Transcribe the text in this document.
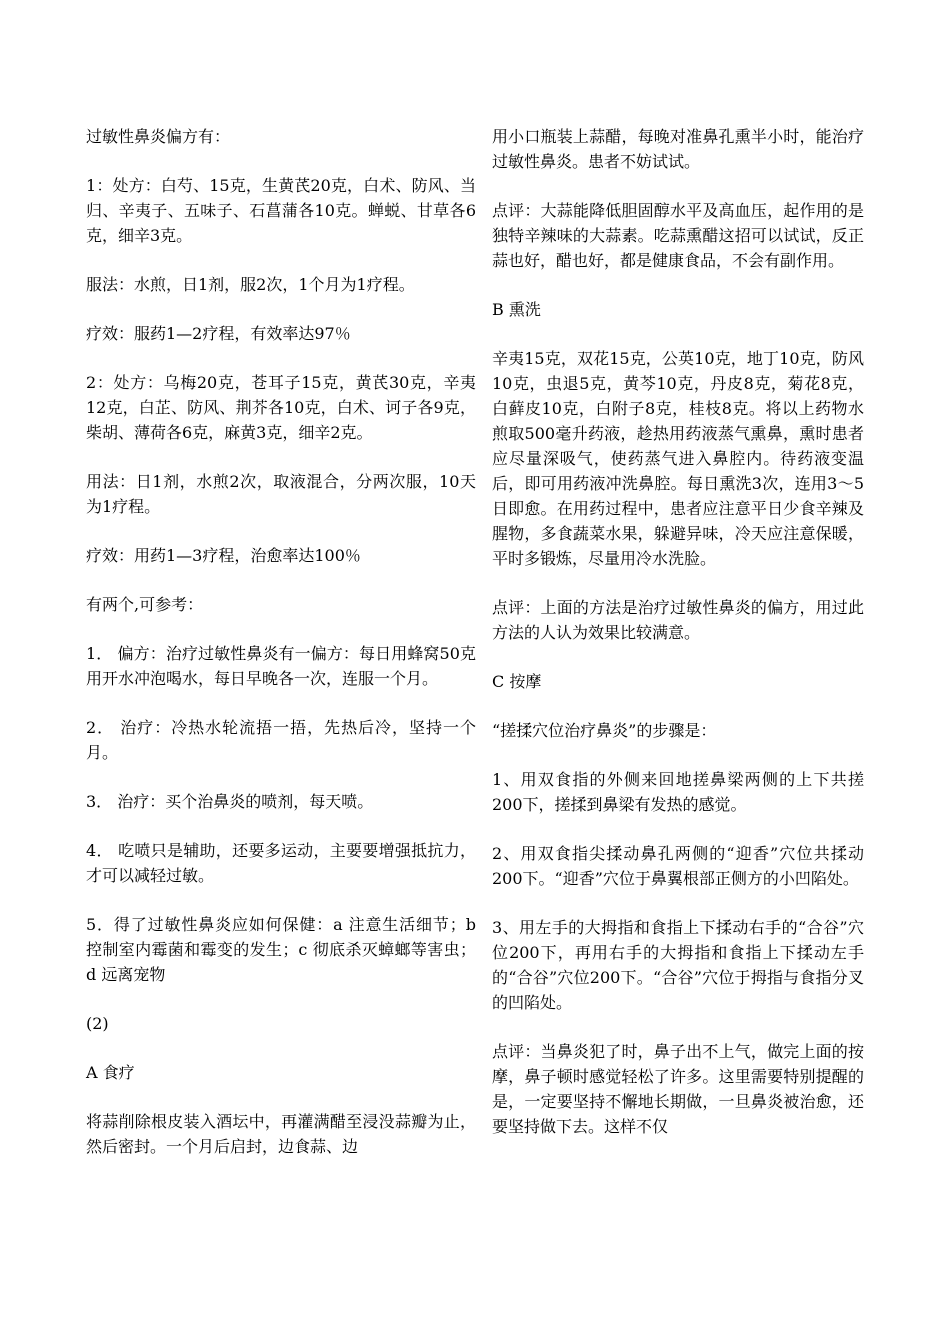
过敏性鼻炎偏方有：

1：处方：白芍、15克，生黄芪20克，白术、防风、当归、辛夷子、五味子、石菖蒲各10克。蝉蜕、甘草各6克，细辛3克。

服法：水煎，日1剂，服2次，1个月为1疗程。

疗效：服药1—2疗程，有效率达97％

2：处方：乌梅20克，苍耳子15克，黄芪30克，辛夷12克，白芷、防风、荆芥各10克，白术、诃子各9克，柴胡、薄荷各6克，麻黄3克，细辛2克。

用法：日1剂，水煎2次，取液混合，分两次服，10天为1疗程。

疗效：用药1—3疗程，治愈率达100％

有两个,可参考：

1． 偏方：治疗过敏性鼻炎有一偏方：每日用蜂窝50克用开水冲泡喝水，每日早晚各一次，连服一个月。

2． 治疗：冷热水轮流捂一捂，先热后冷，坚持一个月。

3． 治疗：买个治鼻炎的喷剂，每天喷。

4． 吃喷只是辅助，还要多运动，主要要增强抵抗力，才可以减轻过敏。

5．得了过敏性鼻炎应如何保健：a 注意生活细节；b 控制室内霉菌和霉变的发生；c 彻底杀灭蟑螂等害虫；d 远离宠物

(2)

A 食疗

将蒜削除根皮装入酒坛中，再灌满醋至浸没蒜瓣为止，然后密封。一个月后启封，边食蒜、边

用小口瓶装上蒜醋，每晚对准鼻孔熏半小时，能治疗过敏性鼻炎。患者不妨试试。

点评：大蒜能降低胆固醇水平及高血压，起作用的是独特辛辣味的大蒜素。吃蒜熏醋这招可以试试，反正蒜也好，醋也好，都是健康食品，不会有副作用。

B 熏洗

辛夷15克，双花15克，公英10克，地丁10克，防风10克，虫退5克，黄芩10克，丹皮8克，菊花8克，白藓皮10克，白附子8克，桂枝8克。将以上药物水煎取500毫升药液，趁热用药液蒸气熏鼻，熏时患者应尽量深吸气，使药蒸气进入鼻腔内。待药液变温后，即可用药液冲洗鼻腔。每日熏洗3次，连用3～5日即愈。在用药过程中，患者应注意平日少食辛辣及腥物，多食蔬菜水果，躲避异味，冷天应注意保暖，平时多锻炼，尽量用冷水洗脸。

点评：上面的方法是治疗过敏性鼻炎的偏方，用过此方法的人认为效果比较满意。

C 按摩

“搓揉穴位治疗鼻炎”的步骤是：

1、用双食指的外侧来回地搓鼻梁两侧的上下共搓200下，搓揉到鼻梁有发热的感觉。

2、用双食指尖揉动鼻孔两侧的“迎香”穴位共揉动200下。“迎香”穴位于鼻翼根部正侧方的小凹陷处。

3、用左手的大拇指和食指上下揉动右手的“合谷”穴位200下，再用右手的大拇指和食指上下揉动左手的“合谷”穴位200下。“合谷”穴位于拇指与食指分叉的凹陷处。

点评：当鼻炎犯了时，鼻子出不上气，做完上面的按摩，鼻子顿时感觉轻松了许多。这里需要特别提醒的是，一定要坚持不懈地长期做，一旦鼻炎被治愈，还要坚持做下去。这样不仅
